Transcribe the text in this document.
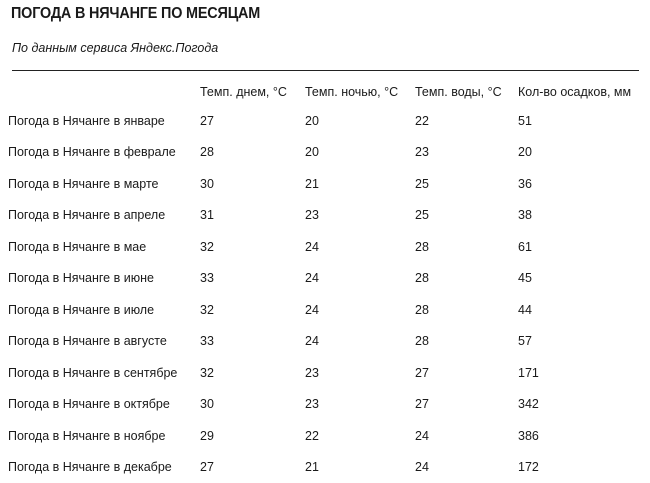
ПОГОДА В НЯЧАНГЕ ПО МЕСЯЦАМ
По данным сервиса Яндекс.Погода
	Темп. днем, °C	Темп. ночью, °C	Темп. воды, °C	Кол-во осадков, мм
Погода в Нячанге в январе	27	20	22	51
Погода в Нячанге в феврале	28	20	23	20
Погода в Нячанге в марте	30	21	25	36
Погода в Нячанге в апреле	31	23	25	38
Погода в Нячанге в мае	32	24	28	61
Погода в Нячанге в июне	33	24	28	45
Погода в Нячанге в июле	32	24	28	44
Погода в Нячанге в августе	33	24	28	57
Погода в Нячанге в сентябре	32	23	27	171
Погода в Нячанге в октябре	30	23	27	342
Погода в Нячанге в ноябре	29	22	24	386
Погода в Нячанге в декабре	27	21	24	172
